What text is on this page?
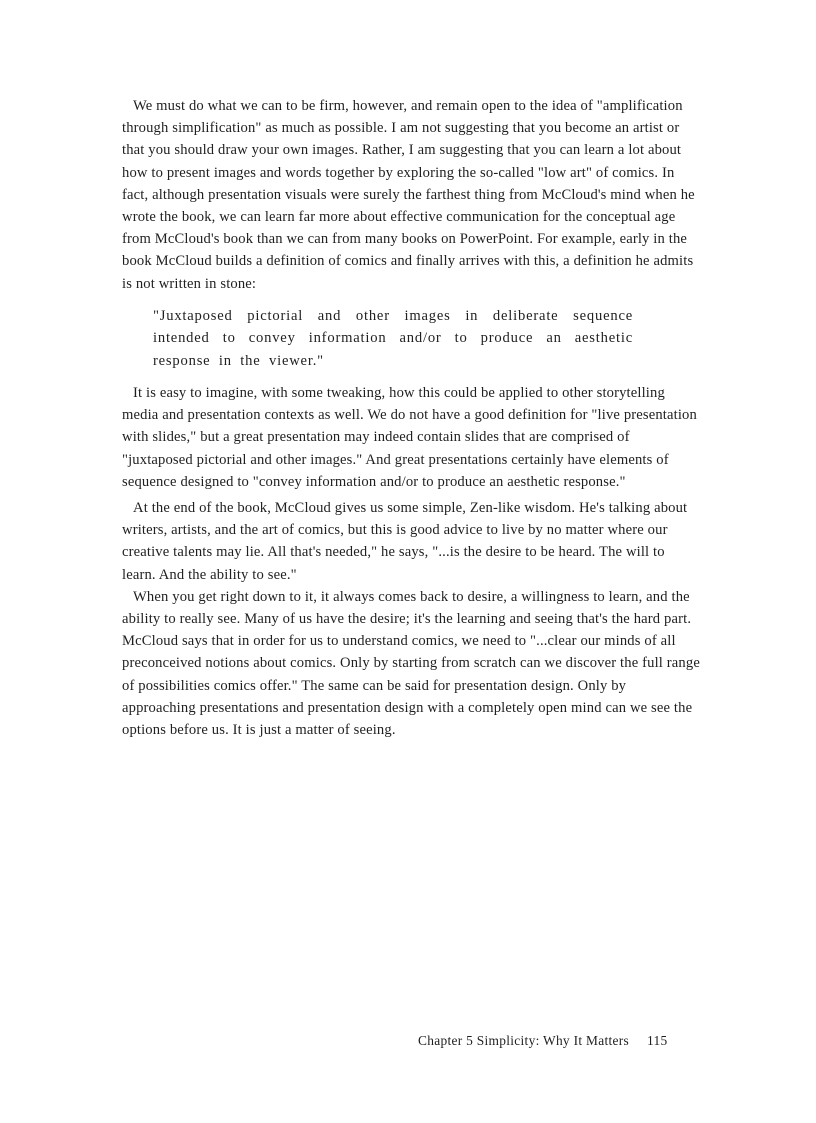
We must do what we can to be firm, however, and remain open to the idea of "amplification through simplification" as much as possible. I am not suggesting that you become an artist or that you should draw your own images. Rather, I am suggesting that you can learn a lot about how to present images and words together by exploring the so-called "low art" of comics. In fact, although presentation visuals were surely the farthest thing from McCloud's mind when he wrote the book, we can learn far more about effective communication for the conceptual age from McCloud's book than we can from many books on PowerPoint. For example, early in the book McCloud builds a definition of comics and finally arrives with this, a definition he admits is not written in stone:

"Juxtaposed pictorial and other images in deliberate sequence intended to convey information and/or to produce an aesthetic response in the viewer."

It is easy to imagine, with some tweaking, how this could be applied to other storytelling media and presentation contexts as well. We do not have a good definition for "live presentation with slides," but a great presentation may indeed contain slides that are comprised of "juxtaposed pictorial and other images." And great presentations certainly have elements of sequence designed to "convey information and/or to produce an aesthetic response."

At the end of the book, McCloud gives us some simple, Zen-like wisdom. He's talking about writers, artists, and the art of comics, but this is good advice to live by no matter where our creative talents may lie. All that's needed," he says, "...is the desire to be heard. The will to learn. And the ability to see."

When you get right down to it, it always comes back to desire, a willingness to learn, and the ability to really see. Many of us have the desire; it's the learning and seeing that's the hard part. McCloud says that in order for us to understand comics, we need to "...clear our minds of all preconceived notions about comics. Only by starting from scratch can we discover the full range of possibilities comics offer." The same can be said for presentation design. Only by approaching presentations and presentation design with a completely open mind can we see the options before us. It is just a matter of seeing.

Chapter 5 Simplicity: Why It Matters 115
